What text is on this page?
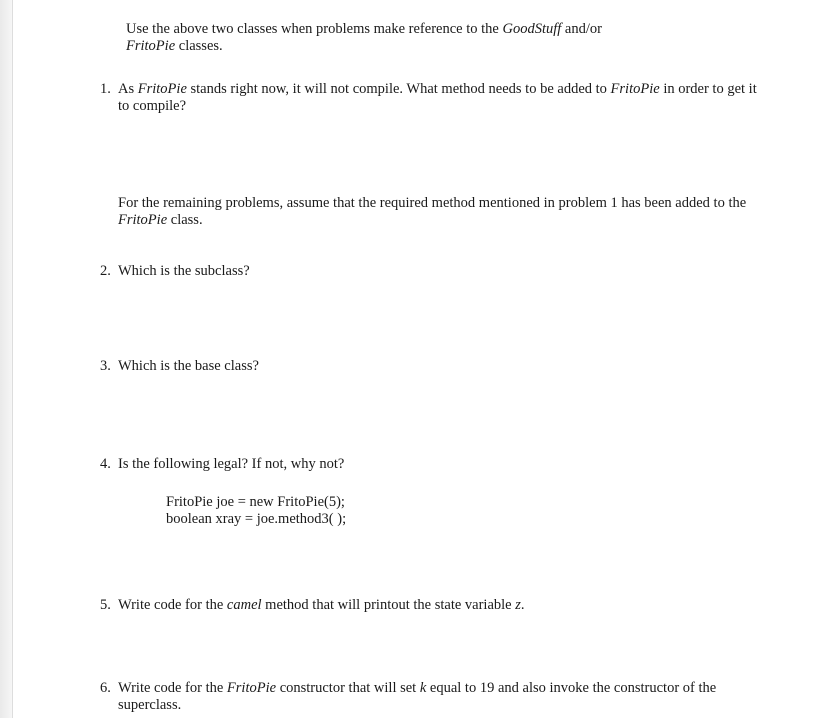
Use the above two classes when problems make reference to the GoodStuff and/or
FritoPie classes.
1. As FritoPie stands right now, it will not compile. What method needs to be added to FritoPie in order to get it to compile?
For the remaining problems, assume that the required method mentioned in problem 1 has been added to the FritoPie class.
2. Which is the subclass?
3. Which is the base class?
4. Is the following legal? If not, why not?
FritoPie joe = new FritoPie(5);
boolean xray = joe.method3( );
5. Write code for the camel method that will printout the state variable z.
6. Write code for the FritoPie constructor that will set k equal to 19 and also invoke the constructor of the superclass.
